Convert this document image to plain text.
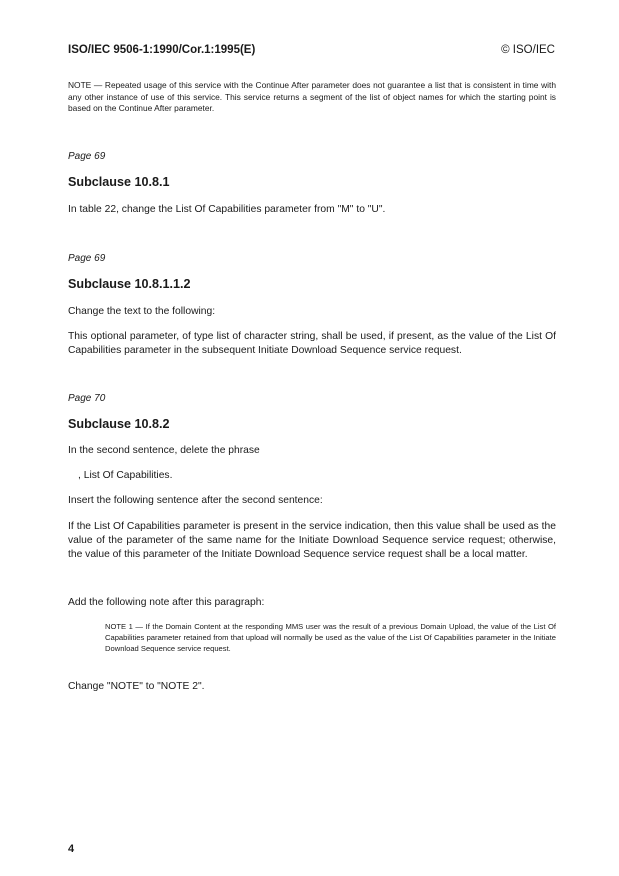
ISO/IEC 9506-1:1990/Cor.1:1995(E)	© ISO/IEC
NOTE — Repeated usage of this service with the Continue After parameter does not guarantee a list that is consistent in time with any other instance of use of this service. This service returns a segment of the list of object names for which the starting point is based on the Continue After parameter.
Page 69
Subclause 10.8.1
In table 22, change the List Of Capabilities parameter from "M" to "U".
Page 69
Subclause 10.8.1.1.2
Change the text to the following:
This optional parameter, of type list of character string, shall be used, if present, as the value of the List Of Capabilities parameter in the subsequent Initiate Download Sequence service request.
Page 70
Subclause 10.8.2
In the second sentence, delete the phrase
, List Of Capabilities.
Insert the following sentence after the second sentence:
If the List Of Capabilities parameter is present in the service indication, then this value shall be used as the value of the parameter of the same name for the Initiate Download Sequence service request; otherwise, the value of this parameter of the Initiate Download Sequence service request shall be a local matter.
Add the following note after this paragraph:
NOTE 1 — If the Domain Content at the responding MMS user was the result of a previous Domain Upload, the value of the List Of Capabilities parameter retained from that upload will normally be used as the value of the List Of Capabilities parameter in the Initiate Download Sequence service request.
Change "NOTE" to "NOTE 2".
4
